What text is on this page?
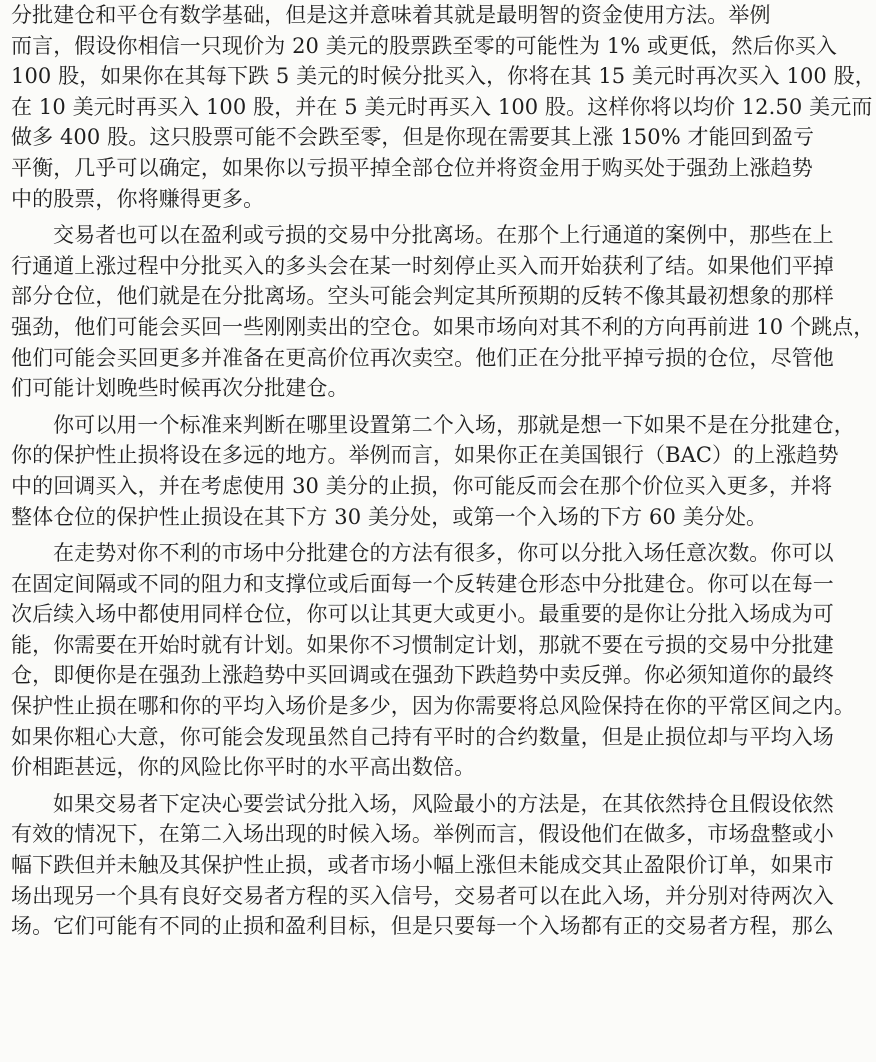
分批建仓和平仓有数学基础，但是这并意味着其就是最明智的资金使用方法。举例
而言，假设你相信一只现价为 20 美元的股票跌至零的可能性为 1% 或更低，然后你买入
100 股，如果你在其每下跌 5 美元的时候分批买入，你将在其 15 美元时再次买入 100 股，
在 10 美元时再买入 100 股，并在 5 美元时再买入 100 股。这样你将以均价 12.50 美元而
做多 400 股。这只股票可能不会跌至零，但是你现在需要其上涨 150% 才能回到盈亏
平衡，几乎可以确定，如果你以亏损平掉全部仓位并将资金用于购买处于强劲上涨趋势
中的股票，你将赚得更多。
交易者也可以在盈利或亏损的交易中分批离场。在那个上行通道的案例中，那些在上
行通道上涨过程中分批买入的多头会在某一时刻停止买入而开始获利了结。如果他们平掉
部分仓位，他们就是在分批离场。空头可能会判定其所预期的反转不像其最初想象的那样
强劲，他们可能会买回一些刚刚卖出的空仓。如果市场向对其不利的方向再前进 10 个跳点，
他们可能会买回更多并准备在更高价位再次卖空。他们正在分批平掉亏损的仓位，尽管他
们可能计划晚些时候再次分批建仓。
你可以用一个标准来判断在哪里设置第二个入场，那就是想一下如果不是在分批建仓，
你的保护性止损将设在多远的地方。举例而言，如果你正在美国银行（BAC）的上涨趋势
中的回调买入，并在考虑使用 30 美分的止损，你可能反而会在那个价位买入更多，并将
整体仓位的保护性止损设在其下方 30 美分处，或第一个入场的下方 60 美分处。
在走势对你不利的市场中分批建仓的方法有很多，你可以分批入场任意次数。你可以
在固定间隔或不同的阻力和支撑位或后面每一个反转建仓形态中分批建仓。你可以在每一
次后续入场中都使用同样仓位，你可以让其更大或更小。最重要的是你让分批入场成为可
能，你需要在开始时就有计划。如果你不习惯制定计划，那就不要在亏损的交易中分批建
仓，即便你是在强劲上涨趋势中买回调或在强劲下跌趋势中卖反弹。你必须知道你的最终
保护性止损在哪和你的平均入场价是多少，因为你需要将总风险保持在你的平常区间之内。
如果你粗心大意，你可能会发现虽然自己持有平时的合约数量，但是止损位却与平均入场
价相距甚远，你的风险比你平时的水平高出数倍。
如果交易者下定决心要尝试分批入场，风险最小的方法是，在其依然持仓且假设依然
有效的情况下，在第二入场出现的时候入场。举例而言，假设他们在做多，市场盘整或小
幅下跌但并未触及其保护性止损，或者市场小幅上涨但未能成交其止盈限价订单，如果市
场出现另一个具有良好交易者方程的买入信号，交易者可以在此入场，并分别对待两次入
场。它们可能有不同的止损和盈利目标，但是只要每一个入场都有正的交易者方程，那么
